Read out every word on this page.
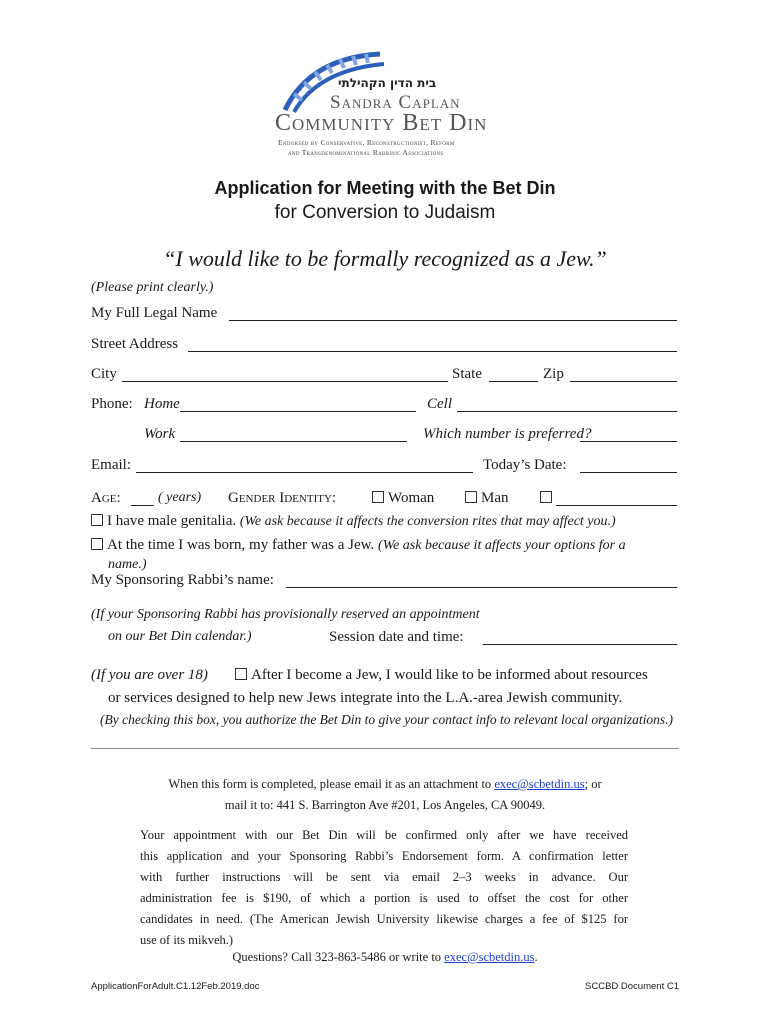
בית הדין הקהילתי
Sandra Caplan
Community Bet Din
Endorsed by Conservative, Reconstructionist, Reform
and Transdenominational Rabbinic Associations
Application for Meeting with the Bet Din
for Conversion to Judaism
“I would like to be formally recognized as a Jew.”
(Please print clearly.)
My Full Legal Name
Street Address
City	State	Zip
Phone: Home	Cell
Work	Which number is preferred?
Email:	Today’s Date:
Age:	( years) Gender Identity:	Woman	Man
I have male genitalia. (We ask because it affects the conversion rites that may affect you.)
At the time I was born, my father was a Jew. (We ask because it affects your options for a
name.)
My Sponsoring Rabbi’s name:
(If your Sponsoring Rabbi has provisionally reserved an appointment
on our Bet Din calendar.)	Session date and time:
(If you are over 18)	After I become a Jew, I would like to be informed about resources
or services designed to help new Jews integrate into the L.A.-area Jewish community.
(By checking this box, you authorize the Bet Din to give your contact info to relevant local organizations.)
When this form is completed, please email it as an attachment to exec@scbetdin.us; or
mail it to: 441 S. Barrington Ave #201, Los Angeles, CA 90049.
Your appointment with our Bet Din will be confirmed only after we have received
this application and your Sponsoring Rabbi’s Endorsement form. A confirmation letter
with further instructions will be sent via email 2–3 weeks in advance. Our
administration fee is $190, of which a portion is used to offset the cost for other
candidates in need. (The American Jewish University likewise charges a fee of $125 for
use of its mikveh.)
Questions? Call 323-863-5486 or write to exec@scbetdin.us.
ApplicationForAdult.C1.12Feb.2019.doc	SCCBD Document C1
